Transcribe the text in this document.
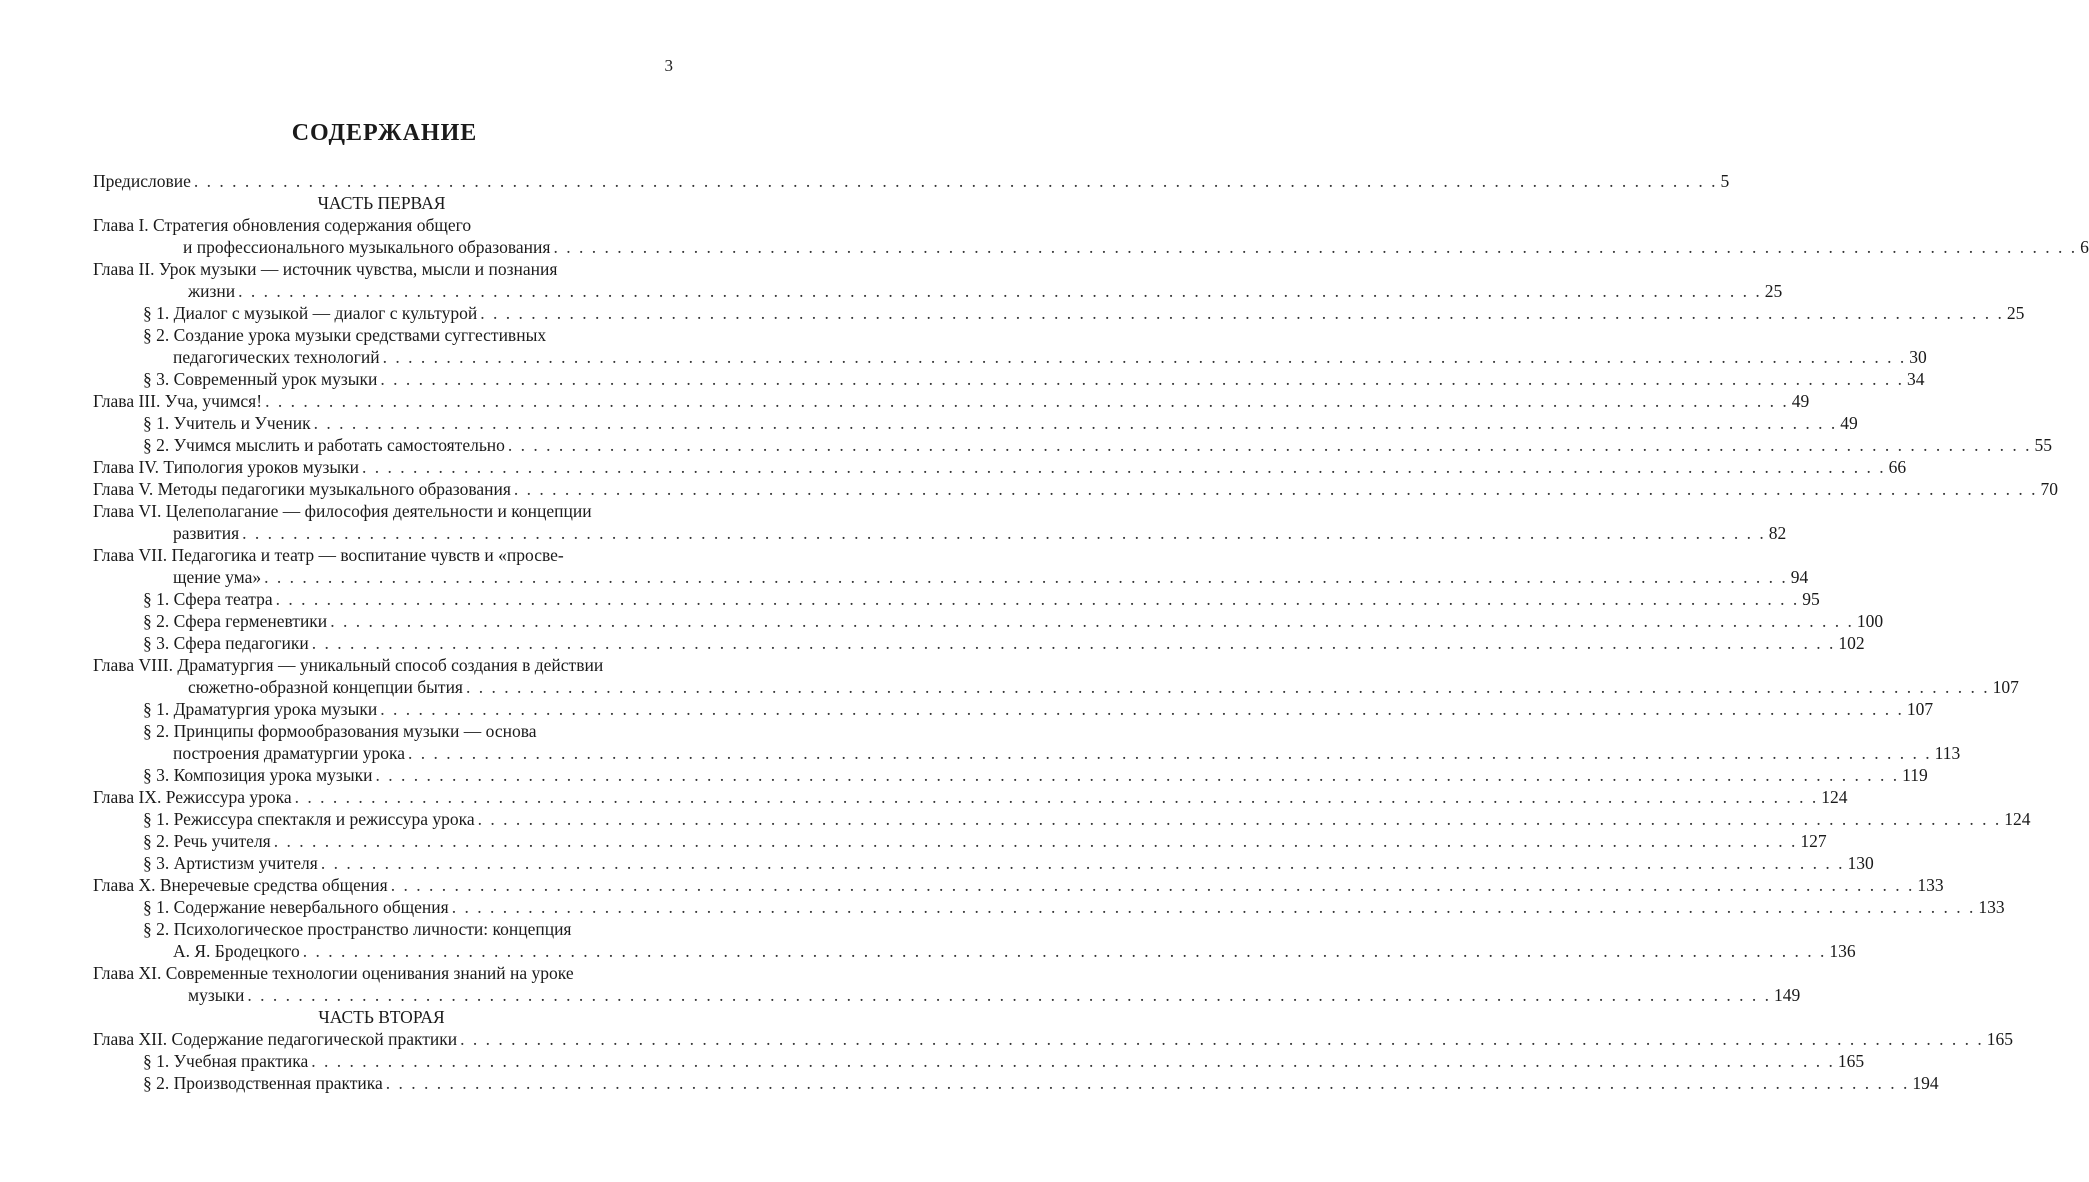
3
СОДЕРЖАНИЕ
Предисловие . . . . . . . . . . . . . . . . . . . . . . . . . . . . . . . . . . . . . . . . . . . . . . . . . . . . . . . . . . . . . . . . . . . . . . . . . . . . . . . . . . . . . . . . . . . . . . . . . . . . . . . . . . . . . . . . . . . . . . . . 5
ЧАСТЬ ПЕРВАЯ
Глава I. Стратегия обновления содержания общего
и профессионального музыкального образования . . . . . . . . . . . . . . . . . . . . . . . . . . . . . . . . . . . . . . . . . . . . . . . . . . . . . . . . . . . . . . . . . . . . . . . . . . . . . . . . . . . . . . . . . . . . . . . . . . . . . . . . . . . . . . . . . . . . . . . . 6
Глава II. Урок музыки — источник чувства, мысли и познания
жизни . . . . . . . . . . . . . . . . . . . . . . . . . . . . . . . . . . . . . . . . . . . . . . . . . . . . . . . . . . . . . . . . . . . . . . . . . . . . . . . . . . . . . . . . . . . . . . . . . . . . . . . . . . . . . . . . . . . . . . . . 25
§ 1. Диалог с музыкой — диалог с культурой . . . . . . . . . . . . . . . . . . . . . . . . . . . . . . . . . . . . . . . . . . . . . . . . . . . . . . . . . . . . . . . . . . . . . . . . . . . . . . . . . . . . . . . . . . . . . . . . . . . . . . . . . . . . . . . . . . . . . . . . 25
§ 2. Создание урока музыки средствами суггестивных
педагогических технологий . . . . . . . . . . . . . . . . . . . . . . . . . . . . . . . . . . . . . . . . . . . . . . . . . . . . . . . . . . . . . . . . . . . . . . . . . . . . . . . . . . . . . . . . . . . . . . . . . . . . . . . . . . . . . . . . . . . . . . . . 30
§ 3. Современный урок музыки . . . . . . . . . . . . . . . . . . . . . . . . . . . . . . . . . . . . . . . . . . . . . . . . . . . . . . . . . . . . . . . . . . . . . . . . . . . . . . . . . . . . . . . . . . . . . . . . . . . . . . . . . . . . . . . . . . . . . . . . 34
Глава III. Уча, учимся! . . . . . . . . . . . . . . . . . . . . . . . . . . . . . . . . . . . . . . . . . . . . . . . . . . . . . . . . . . . . . . . . . . . . . . . . . . . . . . . . . . . . . . . . . . . . . . . . . . . . . . . . . . . . . . . . . . . . . . . . 49
§ 1. Учитель и Ученик . . . . . . . . . . . . . . . . . . . . . . . . . . . . . . . . . . . . . . . . . . . . . . . . . . . . . . . . . . . . . . . . . . . . . . . . . . . . . . . . . . . . . . . . . . . . . . . . . . . . . . . . . . . . . . . . . . . . . . . . 49
§ 2. Учимся мыслить и работать самостоятельно . . . . . . . . . . . . . . . . . . . . . . . . . . . . . . . . . . . . . . . . . . . . . . . . . . . . . . . . . . . . . . . . . . . . . . . . . . . . . . . . . . . . . . . . . . . . . . . . . . . . . . . . . . . . . . . . . . . . . . . . 55
Глава IV. Типология уроков музыки . . . . . . . . . . . . . . . . . . . . . . . . . . . . . . . . . . . . . . . . . . . . . . . . . . . . . . . . . . . . . . . . . . . . . . . . . . . . . . . . . . . . . . . . . . . . . . . . . . . . . . . . . . . . . . . . . . . . . . . . 66
Глава V. Методы педагогики музыкального образования . . . . . . . . . . . . . . . . . . . . . . . . . . . . . . . . . . . . . . . . . . . . . . . . . . . . . . . . . . . . . . . . . . . . . . . . . . . . . . . . . . . . . . . . . . . . . . . . . . . . . . . . . . . . . . . . . . . . . . . . 70
Глава VI. Целеполагание — философия деятельности и концепции
развития . . . . . . . . . . . . . . . . . . . . . . . . . . . . . . . . . . . . . . . . . . . . . . . . . . . . . . . . . . . . . . . . . . . . . . . . . . . . . . . . . . . . . . . . . . . . . . . . . . . . . . . . . . . . . . . . . . . . . . . . 82
Глава VII. Педагогика и театр — воспитание чувств и «просве-
щение ума» . . . . . . . . . . . . . . . . . . . . . . . . . . . . . . . . . . . . . . . . . . . . . . . . . . . . . . . . . . . . . . . . . . . . . . . . . . . . . . . . . . . . . . . . . . . . . . . . . . . . . . . . . . . . . . . . . . . . . . . . 94
§ 1. Сфера театра . . . . . . . . . . . . . . . . . . . . . . . . . . . . . . . . . . . . . . . . . . . . . . . . . . . . . . . . . . . . . . . . . . . . . . . . . . . . . . . . . . . . . . . . . . . . . . . . . . . . . . . . . . . . . . . . . . . . . . . . 95
§ 2. Сфера герменевтики . . . . . . . . . . . . . . . . . . . . . . . . . . . . . . . . . . . . . . . . . . . . . . . . . . . . . . . . . . . . . . . . . . . . . . . . . . . . . . . . . . . . . . . . . . . . . . . . . . . . . . . . . . . . . . . . . . . . . . . . 100
§ 3. Сфера педагогики . . . . . . . . . . . . . . . . . . . . . . . . . . . . . . . . . . . . . . . . . . . . . . . . . . . . . . . . . . . . . . . . . . . . . . . . . . . . . . . . . . . . . . . . . . . . . . . . . . . . . . . . . . . . . . . . . . . . . . . . 102
Глава VIII. Драматургия — уникальный способ создания в действии
сюжетно-образной концепции бытия . . . . . . . . . . . . . . . . . . . . . . . . . . . . . . . . . . . . . . . . . . . . . . . . . . . . . . . . . . . . . . . . . . . . . . . . . . . . . . . . . . . . . . . . . . . . . . . . . . . . . . . . . . . . . . . . . . . . . . . . 107
§ 1. Драматургия урока музыки . . . . . . . . . . . . . . . . . . . . . . . . . . . . . . . . . . . . . . . . . . . . . . . . . . . . . . . . . . . . . . . . . . . . . . . . . . . . . . . . . . . . . . . . . . . . . . . . . . . . . . . . . . . . . . . . . . . . . . . . 107
§ 2. Принципы формообразования музыки — основа
построения драматургии урока . . . . . . . . . . . . . . . . . . . . . . . . . . . . . . . . . . . . . . . . . . . . . . . . . . . . . . . . . . . . . . . . . . . . . . . . . . . . . . . . . . . . . . . . . . . . . . . . . . . . . . . . . . . . . . . . . . . . . . . . 113
§ 3. Композиция урока музыки . . . . . . . . . . . . . . . . . . . . . . . . . . . . . . . . . . . . . . . . . . . . . . . . . . . . . . . . . . . . . . . . . . . . . . . . . . . . . . . . . . . . . . . . . . . . . . . . . . . . . . . . . . . . . . . . . . . . . . . . 119
Глава IX. Режиссура урока . . . . . . . . . . . . . . . . . . . . . . . . . . . . . . . . . . . . . . . . . . . . . . . . . . . . . . . . . . . . . . . . . . . . . . . . . . . . . . . . . . . . . . . . . . . . . . . . . . . . . . . . . . . . . . . . . . . . . . . . 124
§ 1. Режиссура спектакля и режиссура урока . . . . . . . . . . . . . . . . . . . . . . . . . . . . . . . . . . . . . . . . . . . . . . . . . . . . . . . . . . . . . . . . . . . . . . . . . . . . . . . . . . . . . . . . . . . . . . . . . . . . . . . . . . . . . . . . . . . . . . . . 124
§ 2. Речь учителя . . . . . . . . . . . . . . . . . . . . . . . . . . . . . . . . . . . . . . . . . . . . . . . . . . . . . . . . . . . . . . . . . . . . . . . . . . . . . . . . . . . . . . . . . . . . . . . . . . . . . . . . . . . . . . . . . . . . . . . . 127
§ 3. Артистизм учителя . . . . . . . . . . . . . . . . . . . . . . . . . . . . . . . . . . . . . . . . . . . . . . . . . . . . . . . . . . . . . . . . . . . . . . . . . . . . . . . . . . . . . . . . . . . . . . . . . . . . . . . . . . . . . . . . . . . . . . . . 130
Глава X. Внеречевые средства общения . . . . . . . . . . . . . . . . . . . . . . . . . . . . . . . . . . . . . . . . . . . . . . . . . . . . . . . . . . . . . . . . . . . . . . . . . . . . . . . . . . . . . . . . . . . . . . . . . . . . . . . . . . . . . . . . . . . . . . . . 133
§ 1. Содержание невербального общения . . . . . . . . . . . . . . . . . . . . . . . . . . . . . . . . . . . . . . . . . . . . . . . . . . . . . . . . . . . . . . . . . . . . . . . . . . . . . . . . . . . . . . . . . . . . . . . . . . . . . . . . . . . . . . . . . . . . . . . . 133
§ 2. Психологическое пространство личности: концепция
А. Я. Бродецкого . . . . . . . . . . . . . . . . . . . . . . . . . . . . . . . . . . . . . . . . . . . . . . . . . . . . . . . . . . . . . . . . . . . . . . . . . . . . . . . . . . . . . . . . . . . . . . . . . . . . . . . . . . . . . . . . . . . . . . . . 136
Глава XI. Современные технологии оценивания знаний на уроке
музыки . . . . . . . . . . . . . . . . . . . . . . . . . . . . . . . . . . . . . . . . . . . . . . . . . . . . . . . . . . . . . . . . . . . . . . . . . . . . . . . . . . . . . . . . . . . . . . . . . . . . . . . . . . . . . . . . . . . . . . . . 149
ЧАСТЬ ВТОРАЯ
Глава XII. Содержание педагогической практики . . . . . . . . . . . . . . . . . . . . . . . . . . . . . . . . . . . . . . . . . . . . . . . . . . . . . . . . . . . . . . . . . . . . . . . . . . . . . . . . . . . . . . . . . . . . . . . . . . . . . . . . . . . . . . . . . . . . . . . . 165
§ 1. Учебная практика . . . . . . . . . . . . . . . . . . . . . . . . . . . . . . . . . . . . . . . . . . . . . . . . . . . . . . . . . . . . . . . . . . . . . . . . . . . . . . . . . . . . . . . . . . . . . . . . . . . . . . . . . . . . . . . . . . . . . . . . 165
§ 2. Производственная практика . . . . . . . . . . . . . . . . . . . . . . . . . . . . . . . . . . . . . . . . . . . . . . . . . . . . . . . . . . . . . . . . . . . . . . . . . . . . . . . . . . . . . . . . . . . . . . . . . . . . . . . . . . . . . . . . . . . . . . . . 194
